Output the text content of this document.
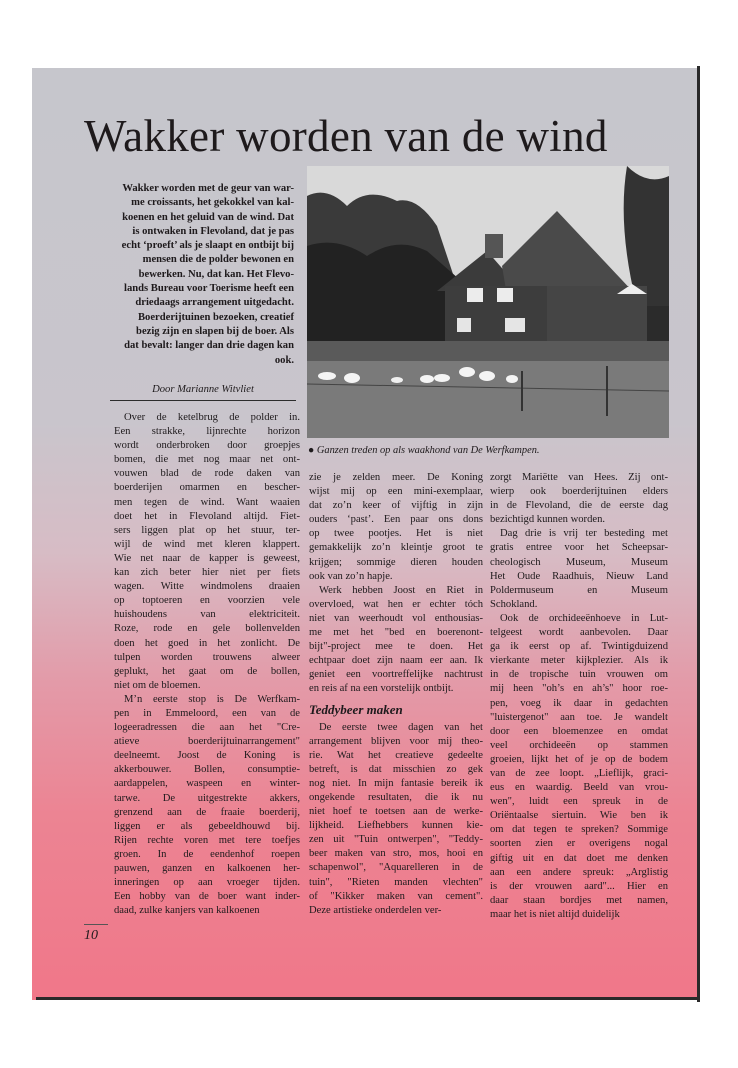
Wakker worden van de wind
Wakker worden met de geur van war-
me croissants, het gekokkel van kal-
koenen en het geluid van de wind. Dat
is ontwaken in Flevoland, dat je pas
echt ‘proeft’ als je slaapt en ontbijt bij
mensen die de polder bewonen en
bewerken. Nu, dat kan. Het Flevo-
lands Bureau voor Toerisme heeft een
driedaags arrangement uitgedacht.
Boerderijtuinen bezoeken, creatief
bezig zijn en slapen bij de boer. Als
dat bevalt: langer dan drie dagen kan
ook.
Door Marianne Witvliet
● Ganzen treden op als waakhond van De Werfkampen.
Over de ketelbrug de polder in.
Een strakke, lijnrechte horizon
wordt onderbroken door groepjes
bomen, die met nog maar net ont-
vouwen blad de rode daken van
boerderijen omarmen en bescher-
men tegen de wind. Want waaien
doet het in Flevoland altijd. Fiet-
sers liggen plat op het stuur, ter-
wijl de wind met kleren klappert.
Wie net naar de kapper is geweest,
kan zich beter hier niet per fiets
wagen. Witte windmolens draaien
op toptoeren en voorzien vele
huishoudens van elektriciteit.
Roze, rode en gele bollenvelden
doen het goed in het zonlicht. De
tulpen worden trouwens alweer
geplukt, het gaat om de bollen,
niet om de bloemen.
M’n eerste stop is De Werfkam-
pen in Emmeloord, een van de
logeeradressen die aan het "Cre-
atieve boerderijtuinarrangement"
deelneemt. Joost de Koning is
akkerbouwer. Bollen, consumptie-
aardappelen, waspeen en winter-
tarwe. De uitgestrekte akkers,
grenzend aan de fraaie boerderij,
liggen er als gebeeldhouwd bij.
Rijen rechte voren met tere toefjes
groen. In de eendenhof roepen
pauwen, ganzen en kalkoenen her-
inneringen op aan vroeger tijden.
Een hobby van de boer want inder-
daad, zulke kanjers van kalkoenen
zie je zelden meer. De Koning
wijst mij op een mini-exemplaar,
dat zo’n keer of vijftig in zijn
ouders ‘past’. Een paar ons dons
op twee pootjes. Het is niet
gemakkelijk zo’n kleintje groot te
krijgen; sommige dieren houden
ook van zo’n hapje.
Werk hebben Joost en Riet in
overvloed, wat hen er echter tóch
niet van weerhoudt vol enthousias-
me met het "bed en boerenont-
bijt"-project mee te doen. Het
echtpaar doet zijn naam eer aan. Ik
geniet een voortreffelijke nachtrust
en reis af na een vorstelijk ontbijt.
Teddybeer maken
De eerste twee dagen van het
arrangement blijven voor mij theo-
rie. Wat het creatieve gedeelte
betreft, is dat misschien zo gek
nog niet. In mijn fantasie bereik ik
ongekende resultaten, die ik nu
niet hoef te toetsen aan de werke-
lijkheid. Liefhebbers kunnen kie-
zen uit "Tuin ontwerpen", "Teddy-
beer maken van stro, mos, hooi en
schapenwol", "Aquarelleren in de
tuin", "Rieten manden vlechten"
of "Kikker maken van cement".
Deze artistieke onderdelen ver-
zorgt Mariëtte van Hees. Zij ont-
wierp ook boerderijtuinen elders
in de Flevoland, die de eerste dag
bezichtigd kunnen worden.
Dag drie is vrij ter besteding met
gratis entree voor het Scheepsar-
cheologisch Museum, Museum
Het Oude Raadhuis, Nieuw Land
Poldermuseum en Museum
Schokland.
Ook de orchideeënhoeve in Lut-
telgeest wordt aanbevolen. Daar
ga ik eerst op af. Twintigduizend
vierkante meter kijkplezier. Als ik
in de tropische tuin vrouwen om
mij heen "oh’s en ah’s" hoor roe-
pen, voeg ik daar in gedachten
"luistergenot" aan toe. Je wandelt
door een bloemenzee en omdat
veel orchideeën op stammen
groeien, lijkt het of je op de bodem
van de zee loopt. „Lieflijk, graci-
eus en waardig. Beeld van vrou-
wen", luidt een spreuk in de
Oriëntaalse siertuin. Wie ben ik
om dat tegen te spreken? Sommige
soorten zien er overigens nogal
giftig uit en dat doet me denken
aan een andere spreuk: „Arglistig
is der vrouwen aard"... Hier en
daar staan bordjes met namen,
maar het is niet altijd duidelijk
10
